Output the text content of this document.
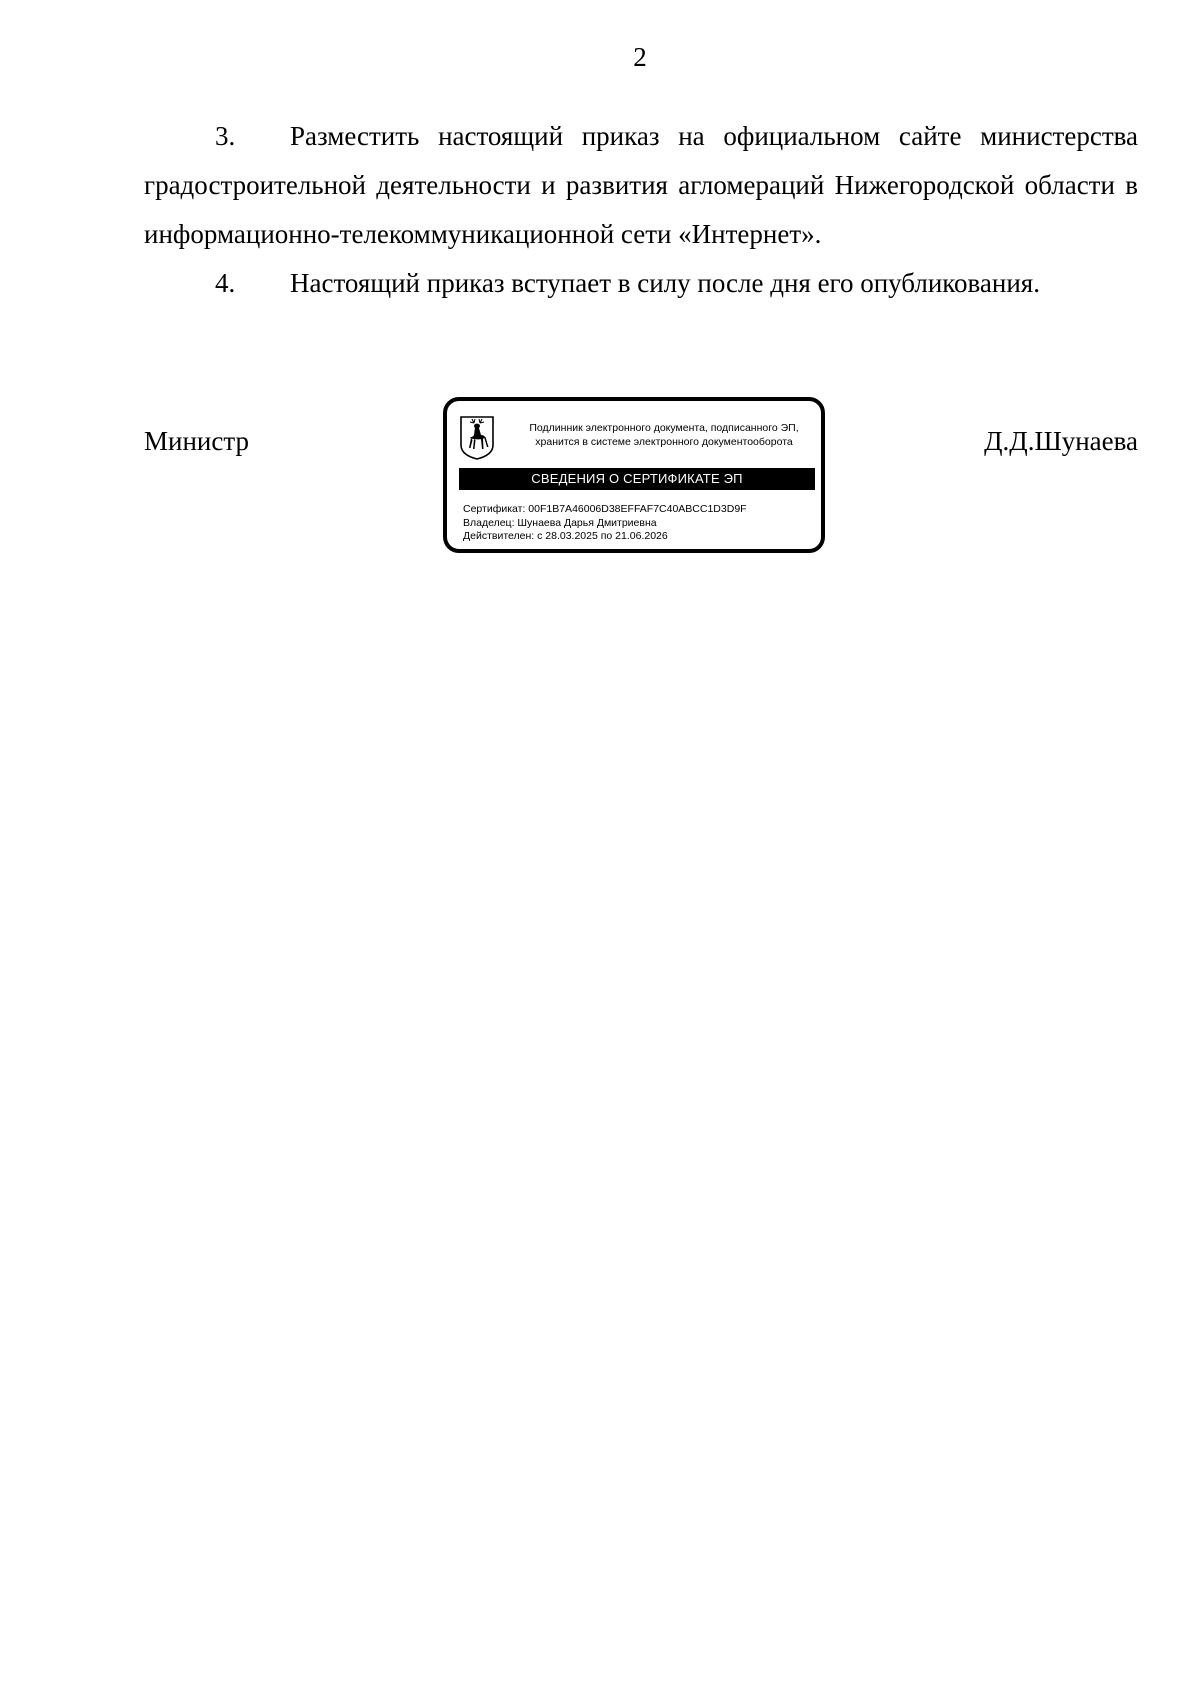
2

3. Разместить настоящий приказ на официальном сайте министерства градостроительной деятельности и развития агломераций Нижегородской области в информационно-телекоммуникационной сети «Интернет».

4. Настоящий приказ вступает в силу после дня его опубликования.

Министр	Д.Д.Шунаева
Подлинник электронного документа, подписанного ЭП,
хранится в системе электронного документооборота
СВЕДЕНИЯ О СЕРТИФИКАТЕ ЭП
Сертификат: 00F1B7A46006D38EFFAF7C40ABCC1D3D9F
Владелец: Шунаева Дарья Дмитриевна
Действителен: с 28.03.2025 по 21.06.2026
